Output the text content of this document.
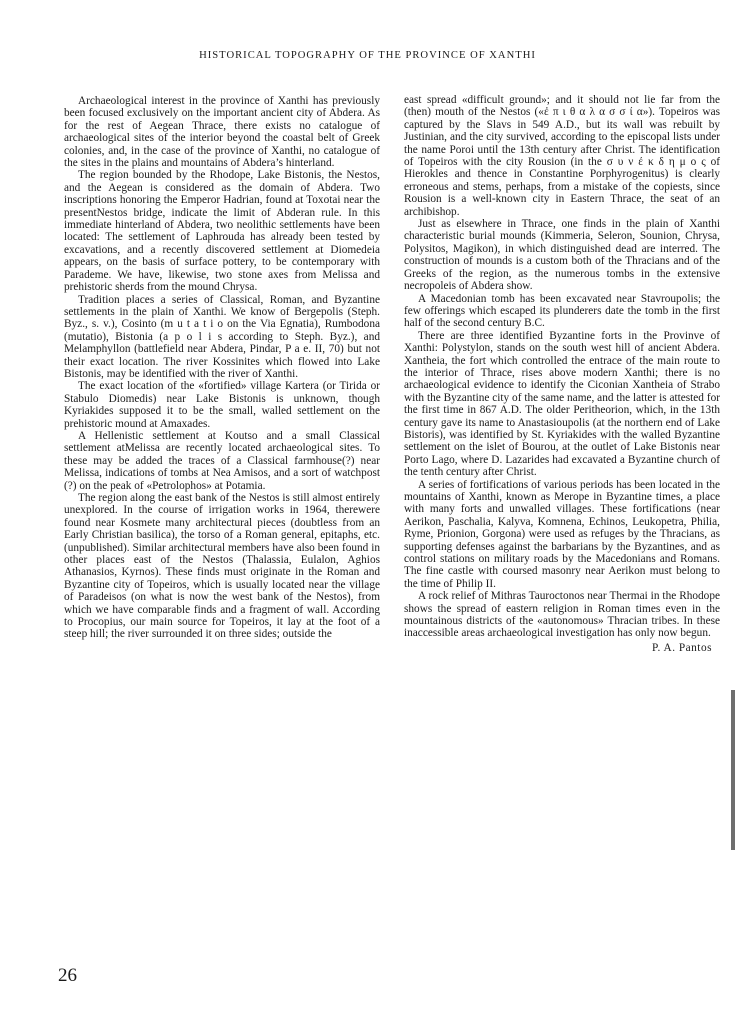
HISTORICAL TOPOGRAPHY OF THE PROVINCE OF XANTHI

Archaeological interest in the province of Xanthi has previously been focused exclusively on the important ancient city of Abdera. As for the rest of Aegean Thrace, there exists no catalogue of archaeological sites of the interior beyond the coastal belt of Greek colonies, and, in the case of the province of Xanthi, no catalogue of the sites in the plains and mountains of Abdera’s hinterland.

The region bounded by the Rhodope, Lake Bistonis, the Nestos, and the Aegean is considered as the domain of Abdera. Two inscriptions honoring the Emperor Hadrian, found at Toxotai near the presentNestos bridge, indicate the limit of Abderan rule. In this immediate hinterland of Abdera, two neolithic settlements have been located: The settlement of Laphrouda has already been tested by excavations, and a recently discovered settlement at Diomedeia appears, on the basis of surface pottery, to be contemporary with Parademe. We have, likewise, two stone axes from Melissa and prehistoric sherds from the mound Chrysa.

Tradition places a series of Classical, Roman, and Byzantine settlements in the plain of Xanthi. We know of Bergepolis (Steph. Byz., s. v.), Cosinto (m u t a t i o on the Via Egnatia), Rumbodona (mutatio), Bistonia (a p o l i s according to Steph. Byz.), and Melamphyllon (battlefield near Abdera, Pindar, P a e. II, 70) but not their exact location. The river Kossinites which flowed into Lake Bistonis, may be identified with the river of Xanthi.

The exact location of the «fortified» village Kartera (or Tirida or Stabulo Diomedis) near Lake Bistonis is unknown, though Kyriakides supposed it to be the small, walled settlement on the prehistoric mound at Amaxades.

A Hellenistic settlement at Koutso and a small Classical settlement atMelissa are recently located archaeological sites. To these may be added the traces of a Classical farmhouse(?) near Melissa, indications of tombs at Nea Amisos, and a sort of watchpost (?) on the peak of «Petrolophos» at Potamia.

The region along the east bank of the Nestos is still almost entirely unexplored. In the course of irrigation works in 1964, therewere found near Kosmete many architectural pieces (doubtless from an Early Christian basilica), the torso of a Roman general, epitaphs, etc. (unpublished). Similar architectural members have also been found in other places east of the Nestos (Thalassia, Eulalon, Aghios Athanasios, Kyrnos). These finds must originate in the Roman and Byzantine city of Topeiros, which is usually located near the village of Paradeisos (on what is now the west bank of the Nestos), from which we have comparable finds and a fragment of wall. According to Procopius, our main source for Topeiros, it lay at the foot of a steep hill; the river surrounded it on three sides; outside the

east spread «difficult ground»; and it should not lie far from the (then) mouth of the Nestos («ἐ π ι θ α λ α σ σ ί α»). Topeiros was captured by the Slavs in 549 A.D., but its wall was rebuilt by Justinian, and the city survived, according to the episcopal lists under the name Poroi until the 13th century after Christ. The identification of Topeiros with the city Rousion (in the σ υ ν έ κ δ η μ ο ς of Hierokles and thence in Constantine Porphyrogenitus) is clearly erroneous and stems, perhaps, from a mistake of the copiests, since Rousion is a well-known city in Eastern Thrace, the seat of an archibishop.

Just as elsewhere in Thrace, one finds in the plain of Xanthi characteristic burial mounds (Kimmeria, Seleron, Sounion, Chrysa, Polysitos, Magikon), in which distinguished dead are interred. The construction of mounds is a custom both of the Thracians and of the Greeks of the region, as the numerous tombs in the extensive necropoleis of Abdera show.

A Macedonian tomb has been excavated near Stavroupolis; the few offerings which escaped its plunderers date the tomb in the first half of the second century B.C.

There are three identified Byzantine forts in the Provinve of Xanthi: Polystylon, stands on the south west hill of ancient Abdera. Xantheia, the fort which controlled the entrace of the main route to the interior of Thrace, rises above modern Xanthi; there is no archaeological evidence to identify the Ciconian Xantheia of Strabo with the Byzantine city of the same name, and the latter is attested for the first time in 867 A.D. The older Peritheorion, which, in the 13th century gave its name to Anastasioupolis (at the northern end of Lake Bistoris), was identified by St. Kyriakides with the walled Byzantine settlement on the islet of Bourou, at the outlet of Lake Bistonis near Porto Lago, where D. Lazarides had excavated a Byzantine church of the tenth century after Christ.

A series of fortifications of various periods has been located in the mountains of Xanthi, known as Merope in Byzantine times, a place with many forts and unwalled villages. These fortifications (near Aerikon, Paschalia, Kalyva, Komnena, Echinos, Leukopetra, Philia, Ryme, Prionion, Gorgona) were used as refuges by the Thracians, as supporting defenses against the barbarians by the Byzantines, and as control stations on military roads by the Macedonians and Romans. The fine castle with coursed masonry near Aerikon must belong to the time of Philip II.

A rock relief of Mithras Tauroctonos near Thermai in the Rhodope shows the spread of eastern religion in Roman times even in the mountainous districts of the «autonomous» Thracian tribes. In these inaccessible areas archaeological investigation has only now begun.

P. A. Pantos
26
